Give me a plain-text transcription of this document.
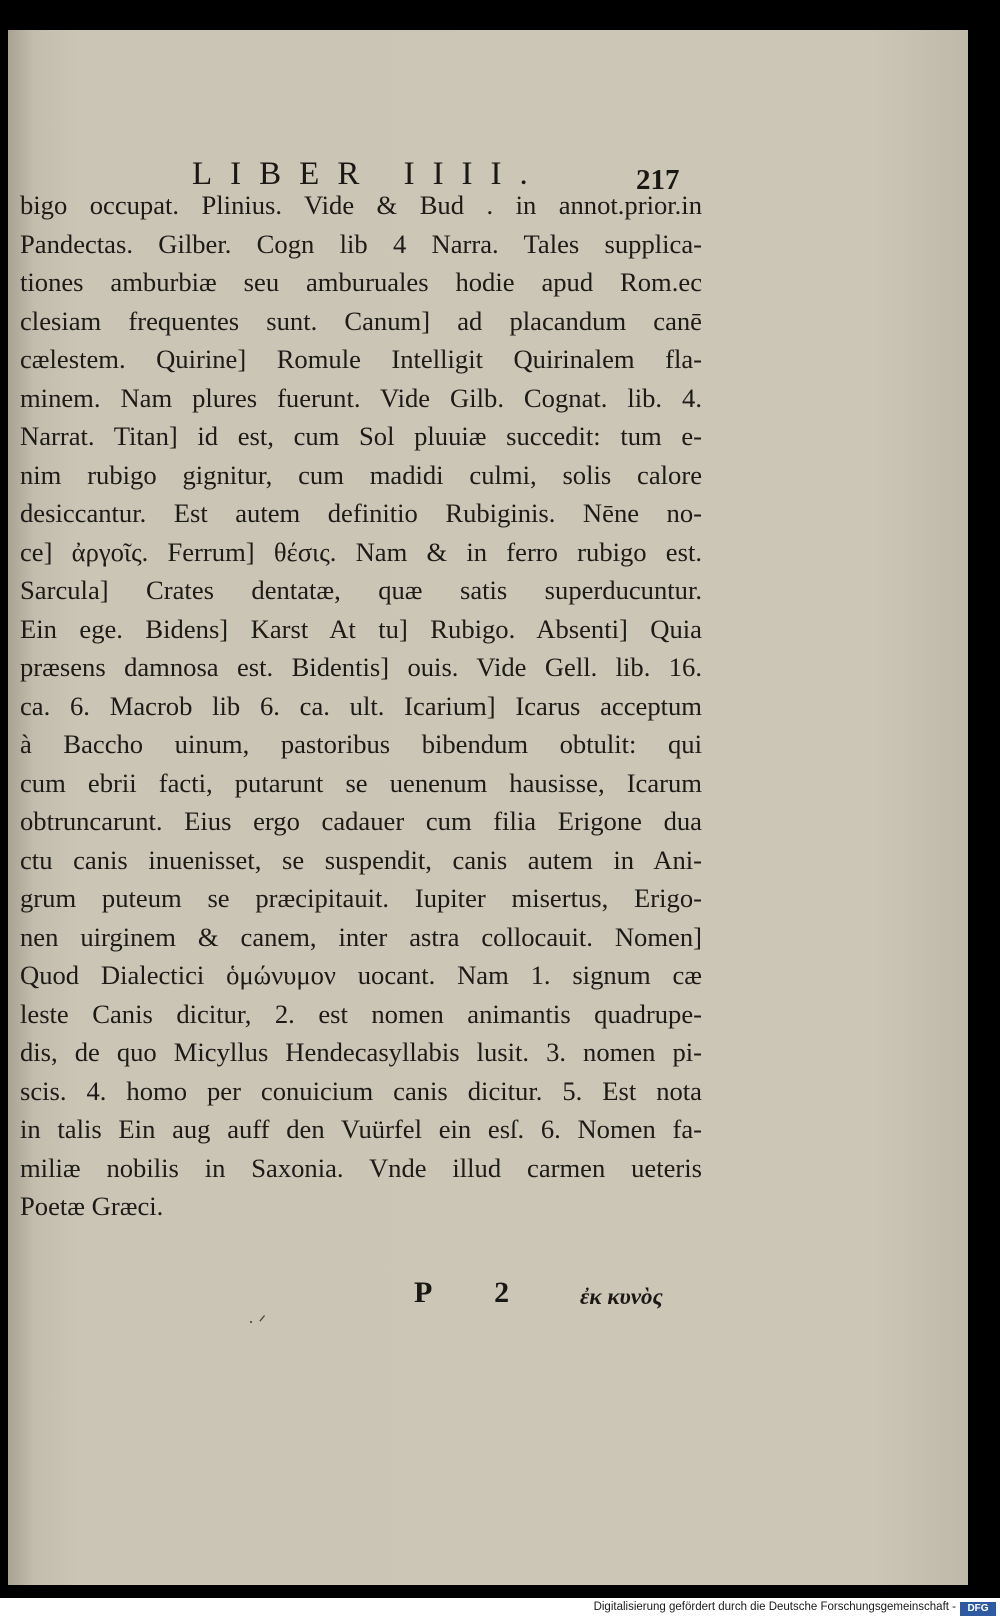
LIBER IIII.	217
bigo occupat. Plinius. Vide & Bud . in annot.prior.in
Pandectas. Gilber. Cogn lib 4 Narra. Tales supplica-
tiones amburbiæ seu amburuales hodie apud Rom.ec
clesiam frequentes sunt. Canum] ad placandum canē
cælestem. Quirine] Romule Intelligit Quirinalem fla-
minem. Nam plures fuerunt. Vide Gilb. Cognat. lib. 4.
Narrat. Titan] id est, cum Sol pluuiæ succedit: tum e-
nim rubigo gignitur, cum madidi culmi, solis calore
desiccantur. Est autem definitio Rubiginis. Nēne no-
ce] ἀργοῖς. Ferrum] θέσις. Nam & in ferro rubigo est.
Sarcula] Crates dentatæ, quæ satis superducuntur.
Ein ege. Bidens] Karst At tu] Rubigo. Absenti] Quia
præsens damnosa est. Bidentis] ouis. Vide Gell. lib. 16.
ca. 6. Macrob lib 6. ca. ult. Icarium] Icarus acceptum
à Baccho uinum, pastoribus bibendum obtulit: qui
cum ebrii facti, putarunt se uenenum hausisse, Icarum
obtruncarunt. Eius ergo cadauer cum filia Erigone dua
ctu canis inuenisset, se suspendit, canis autem in Ani-
grum puteum se præcipitauit. Iupiter misertus, Erigo-
nen uirginem & canem, inter astra collocauit. Nomen]
Quod Dialectici ὁμώνυμον uocant. Nam 1. signum cæ
leste Canis dicitur, 2. est nomen animantis quadrupe-
dis, de quo Micyllus Hendecasyllabis lusit. 3. nomen pi-
scis. 4. homo per conuicium canis dicitur. 5. Est nota
in talis Ein aug auff den Vuürfel ein esſ. 6. Nomen fa-
miliæ nobilis in Saxonia. Vnde illud carmen ueteris
Poetæ Græci.
P 2 ἐκ κυνὸς
· ᐟ
Digitalisierung gefördert durch die Deutsche Forschungsgemeinschaft -	DFG
